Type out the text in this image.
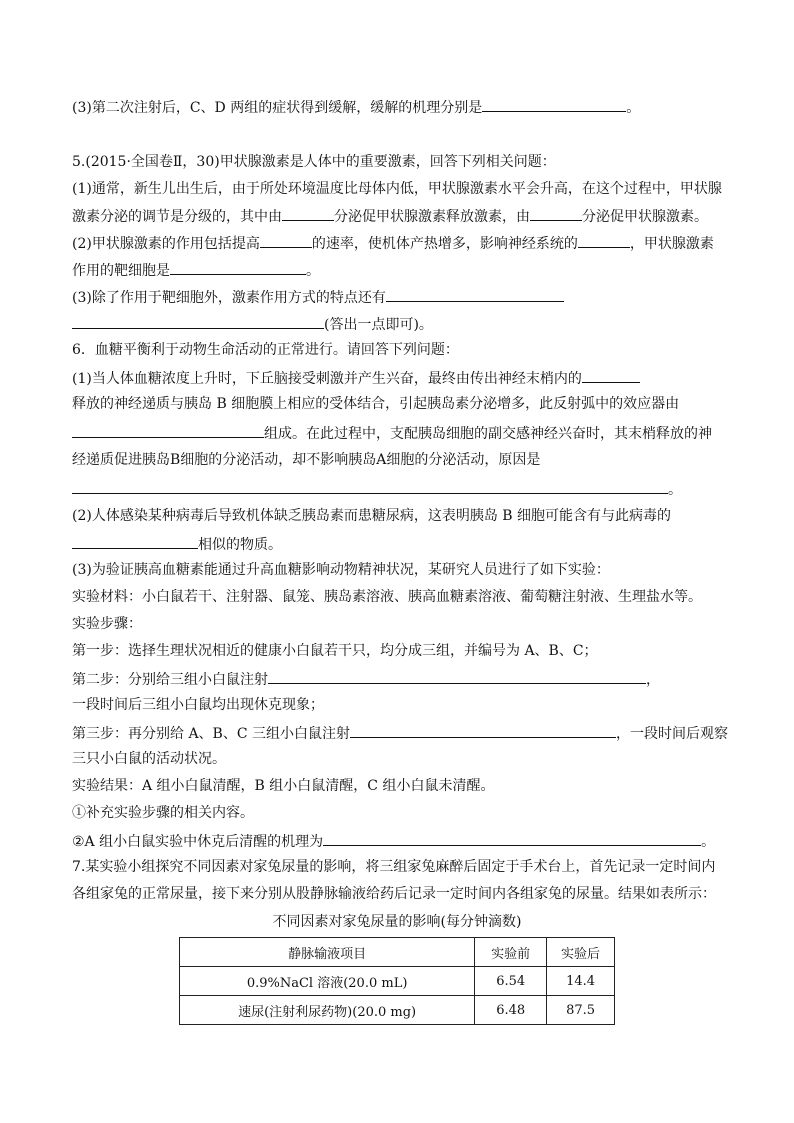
(3)第二次注射后，C、D 两组的症状得到缓解，缓解的机理分别是	。
5.(2015·全国卷Ⅱ，30)甲状腺激素是人体中的重要激素，回答下列相关问题：
(1)通常，新生儿出生后，由于所处环境温度比母体内低，甲状腺激素水平会升高，在这个过程中，甲状腺
激素分泌的调节是分级的，其中由	分泌促甲状腺激素释放激素，由	分泌促甲状腺激素。
(2)甲状腺激素的作用包括提高	的速率，使机体产热增多，影响神经系统的	，甲状腺激素
作用的靶细胞是	。
(3)除了作用于靶细胞外，激素作用方式的特点还有
(答出一点即可)。
6．血糖平衡利于动物生命活动的正常进行。请回答下列问题：
(1)当人体血糖浓度上升时，下丘脑接受刺激并产生兴奋，最终由传出神经末梢内的
释放的神经递质与胰岛 B 细胞膜上相应的受体结合，引起胰岛素分泌增多，此反射弧中的效应器由
组成。在此过程中，支配胰岛细胞的副交感神经兴奋时，其末梢释放的神
经递质促进胰岛B细胞的分泌活动，却不影响胰岛A细胞的分泌活动，原因是
。
(2)人体感染某种病毒后导致机体缺乏胰岛素而患糖尿病，这表明胰岛 B 细胞可能含有与此病毒的
相似的物质。
(3)为验证胰高血糖素能通过升高血糖影响动物精神状况，某研究人员进行了如下实验：
实验材料：小白鼠若干、注射器、鼠笼、胰岛素溶液、胰高血糖素溶液、葡萄糖注射液、生理盐水等。
实验步骤：
第一步：选择生理状况相近的健康小白鼠若干只，均分成三组，并编号为 A、B、C；
第二步：分别给三组小白鼠注射	，
一段时间后三组小白鼠均出现休克现象；
第三步：再分别给 A、B、C 三组小白鼠注射	，一段时间后观察
三只小白鼠的活动状况。
实验结果：A 组小白鼠清醒，B 组小白鼠清醒，C 组小白鼠未清醒。
①补充实验步骤的相关内容。
②A 组小白鼠实验中休克后清醒的机理为	。
7.某实验小组探究不同因素对家兔尿量的影响，将三组家兔麻醉后固定于手术台上，首先记录一定时间内
各组家兔的正常尿量，接下来分别从股静脉输液给药后记录一定时间内各组家兔的尿量。结果如表所示：
不同因素对家兔尿量的影响(每分钟滴数)
静脉输液项目	实验前	实验后
0.9%NaCl 溶液(20.0 mL)	6.54	14.4
速尿(注射利尿药物)(20.0 mg)	6.48	87.5
